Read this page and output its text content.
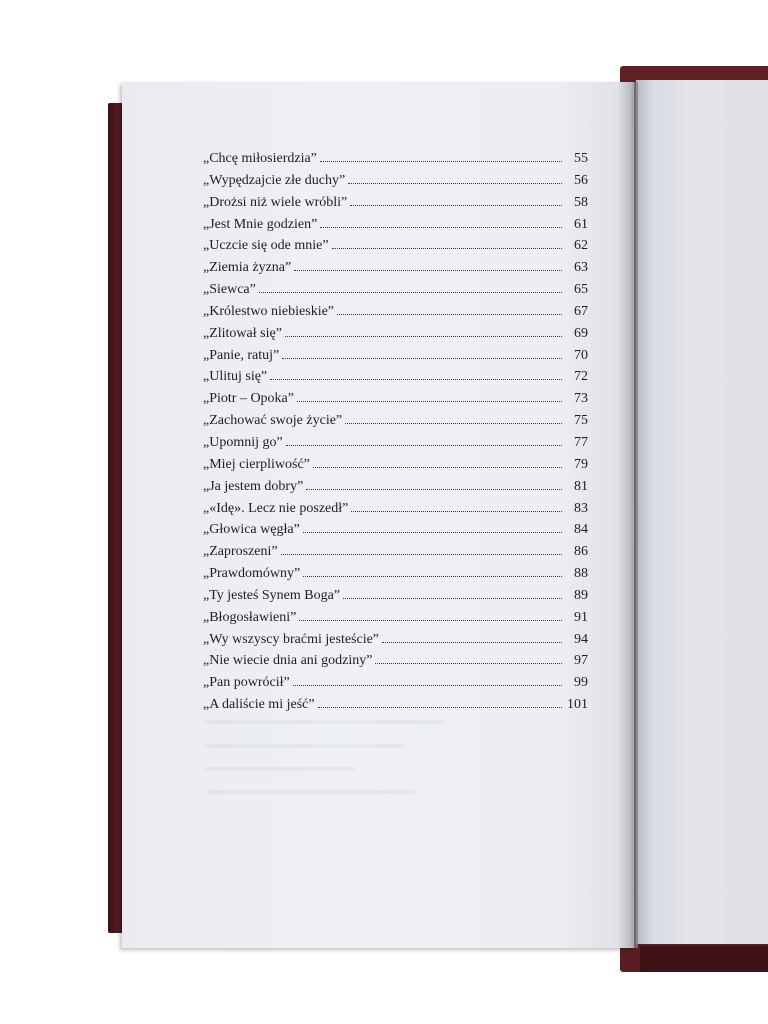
„Chcę miłosierdzia”	55
„Wypędzajcie złe duchy”	56
„Drożsi niż wiele wróbli”	58
„Jest Mnie godzien”	61
„Uczcie się ode mnie”	62
„Ziemia żyzna”	63
„Siewca”	65
„Królestwo niebieskie”	67
„Zlitował się”	69
„Panie, ratuj”	70
„Ulituj się”	72
„Piotr – Opoka”	73
„Zachować swoje życie”	75
„Upomnij go”	77
„Miej cierpliwość”	79
„Ja jestem dobry”	81
„«Idę». Lecz nie poszedł”	83
„Głowica węgła”	84
„Zaproszeni”	86
„Prawdomówny”	88
„Ty jesteś Synem Boga”	89
„Błogosławieni”	91
„Wy wszyscy braćmi jesteście”	94
„Nie wiecie dnia ani godziny”	97
„Pan powrócił”	99
„A daliście mi jeść”	101
